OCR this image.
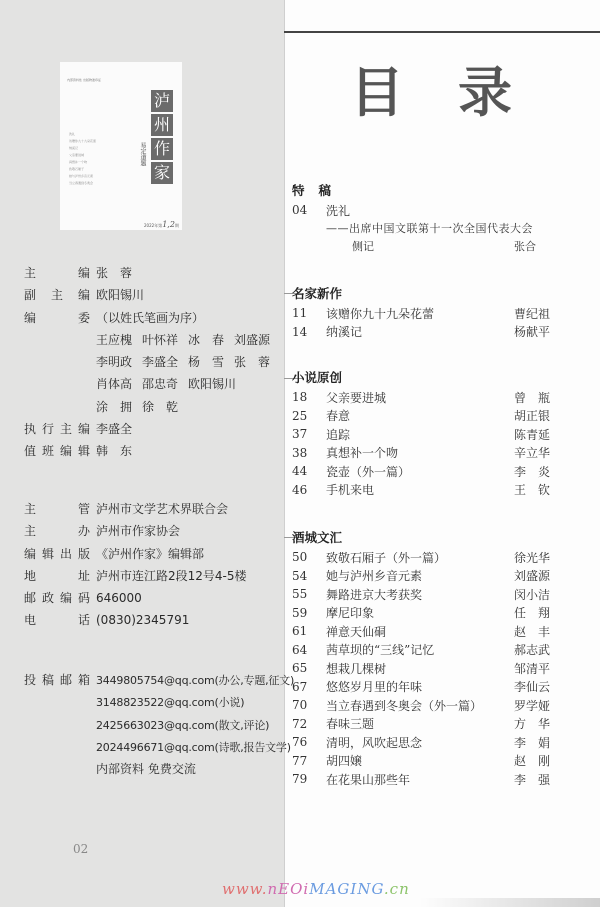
内部资料性 出版物准印证
洗礼
该赠你九十九朵花蕾
纳溪记
父亲要进城
真想补一个吻
致敬石厢子
她与泸州乡音元素
当立春遇到冬奥会
易定道题
泸
州
作
家
2022年第1,2期
主	编 张　蓉
副 主 编 欧阳锡川
编	委 （以姓氏笔画为序）
王应槐 叶怀祥 冰　春 刘盛源
李明政 李盛全 杨　雪 张　蓉
肖体高 邵忠奇 欧阳锡川
涂　拥 徐　乾
执 行 主 编 李盛全
值 班 编 辑 韩　东
主	管 泸州市文学艺术界联合会
主	办 泸州市作家协会
编 辑 出 版 《泸州作家》编辑部
地	址 泸州市连江路2段12号4-5楼
邮 政 编 码 646000
电	话 (0830)2345791
投 稿 邮 箱 3449805754@qq.com(办公,专题,征文)
3148823522@qq.com(小说)
2425663023@qq.com(散文,评论)
2024496671@qq.com(诗歌,报告文学)
内部资料 免费交流
02
目录
特稿
04	洗礼
——出席中国文联第十一次全国代表大会
侧记	张合
名家新作
11	该赠你九十九朵花蕾	曹纪祖
14	纳溪记	杨献平
小说原创
18	父亲要进城	曾　瓶
25	春意	胡正银
37	追踪	陈青延
38	真想补一个吻	辛立华
44	瓷壶（外一篇）	李　炎
46	手机来电	王　钦
酒城文汇
50	致敬石厢子（外一篇）	徐光华
54	她与泸州乡音元素	刘盛源
55	舞路进京大考获奖	闵小洁
59	摩尼印象	任　翔
61	禅意天仙硐	赵　丰
64	茜草坝的“三线”记忆	郝志武
65	想栽几棵树	邹清平
67	悠悠岁月里的年味	李仙云
70	当立春遇到冬奥会（外一篇）	罗学娅
72	春味三题	方　华
76	清明，风吹起思念	李　娟
77	胡四嬢	赵　刚
79	在花果山那些年	李　强
www.nEOiMAGING.cn
